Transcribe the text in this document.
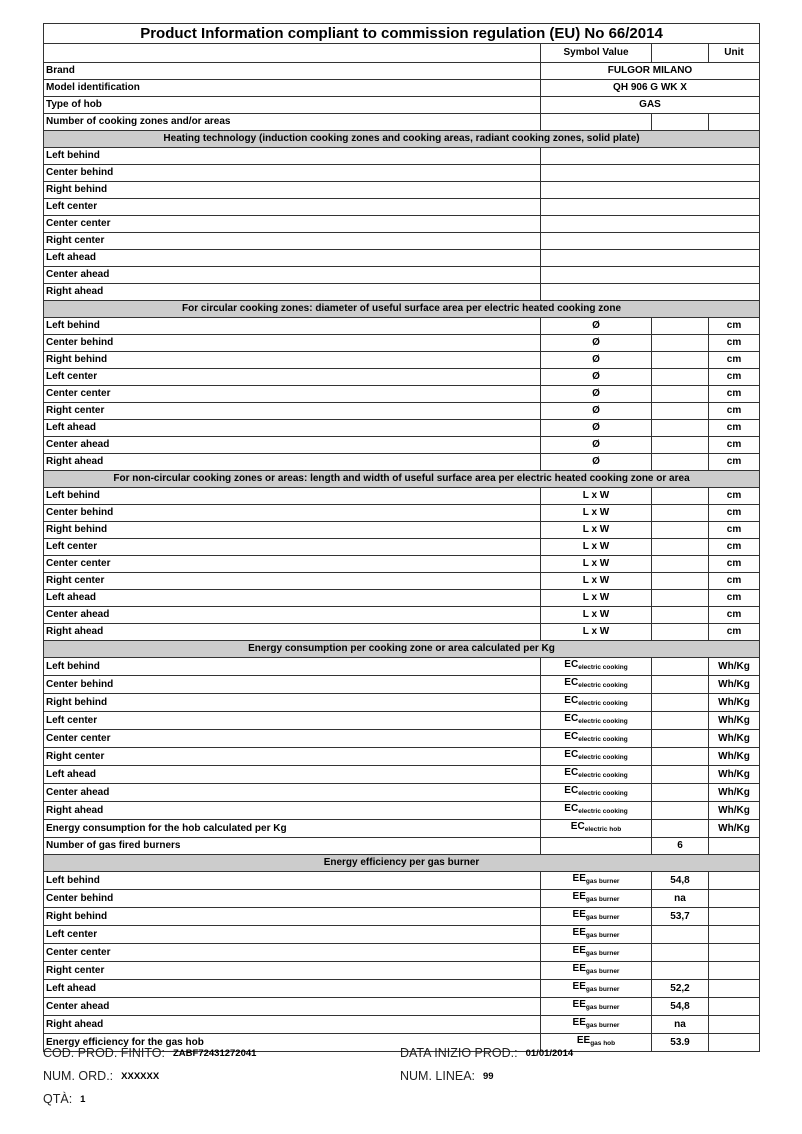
Product Information compliant to commission regulation (EU) No 66/2014			
	Symbol Value		Unit
Brand	FULGOR MILANO		
Model identification	QH 906 G WK X		
Type of hob	GAS		
Number of cooking zones and/or areas			
Heating technology (induction cooking zones and cooking areas, radiant cooking zones, solid plate)			
Left behind			
Center behind			
Right behind			
Left center			
Center center			
Right center			
Left ahead			
Center ahead			
Right ahead			
For circular cooking zones: diameter of useful surface area per electric heated cooking zone			
Left behind	Ø		cm
Center behind	Ø		cm
Right behind	Ø		cm
Left center	Ø		cm
Center center	Ø		cm
Right center	Ø		cm
Left ahead	Ø		cm
Center ahead	Ø		cm
Right ahead	Ø		cm
For non-circular cooking zones or areas: length and width of useful surface area per electric heated cooking zone or area			
Left behind	L x W		cm
Center behind	L x W		cm
Right behind	L x W		cm
Left center	L x W		cm
Center center	L x W		cm
Right center	L x W		cm
Left ahead	L x W		cm
Center ahead	L x W		cm
Right ahead	L x W		cm
Energy consumption per cooking zone or area calculated per Kg			
Left behind	$EC_{electric cooking}$		Wh/Kg
Center behind	$EC_{electric cooking}$		Wh/Kg
Right behind	$EC_{electric cooking}$		Wh/Kg
Left center	$EC_{electric cooking}$		Wh/Kg
Center center	$EC_{electric cooking}$		Wh/Kg
Right center	$EC_{electric cooking}$		Wh/Kg
Left ahead	$EC_{electric cooking}$		Wh/Kg
Center ahead	$EC_{electric cooking}$		Wh/Kg
Right ahead	$EC_{electric cooking}$		Wh/Kg
Energy consumption for the hob calculated per Kg	$EC_{electric hob}$		Wh/Kg
Number of gas fired burners		6	
Energy efficiency per gas burner			
Left behind	$EE_{gas burner}$	54,8	
Center behind	$EE_{gas burner}$	na	
Right behind	$EE_{gas burner}$	53,7	
Left center	$EE_{gas burner}$		
Center center	$EE_{gas burner}$		
Right center	$EE_{gas burner}$		
Left ahead	$EE_{gas burner}$	52,2	
Center ahead	$EE_{gas burner}$	54,8	
Right ahead	$EE_{gas burner}$	na	
Energy efficiency for the gas hob	$EE_{gas hob}$	53.9	
COD. PROD. FINITO: ZABF72431272041
NUM. ORD.: XXXXXX
QTÀ: 1
DATA INIZIO PROD.: 01/01/2014
NUM. LINEA: 99
